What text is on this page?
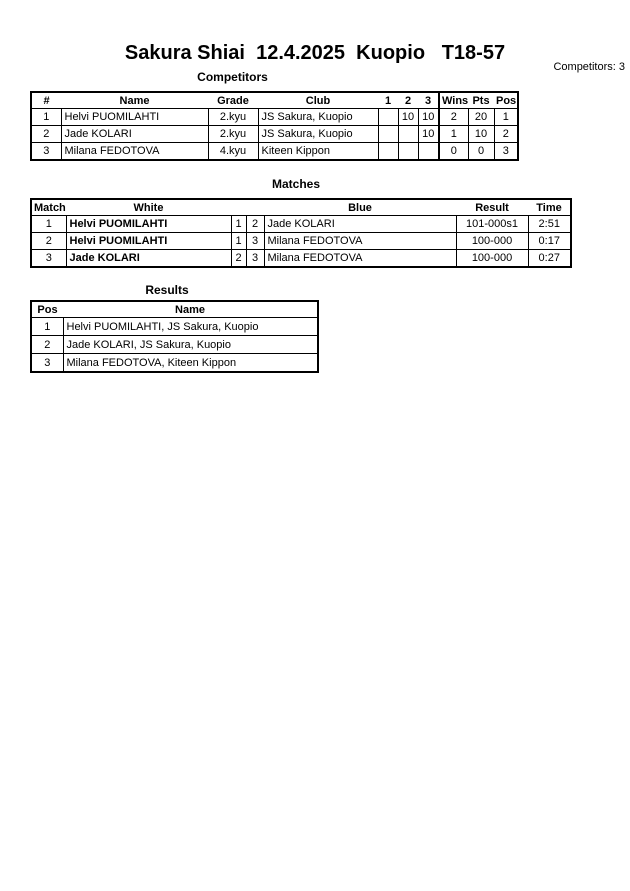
Sakura Shiai  12.4.2025  Kuopio   T18-57
Competitors: 3
Competitors
#	Name	Grade	Club	1	2	3	Wins	Pts	Pos
1	Helvi PUOMILAHTI	2.kyu	JS Sakura, Kuopio		10	10	2	20	1
2	Jade KOLARI	2.kyu	JS Sakura, Kuopio			10	1	10	2
3	Milana FEDOTOVA	4.kyu	Kiteen Kippon				0	0	3
Matches
Match	White			Blue	Result	Time
1	Helvi PUOMILAHTI	1	2	Jade KOLARI	101-000s1	2:51
2	Helvi PUOMILAHTI	1	3	Milana FEDOTOVA	100-000	0:17
3	Jade KOLARI	2	3	Milana FEDOTOVA	100-000	0:27
Results
Pos	Name
1	Helvi PUOMILAHTI, JS Sakura, Kuopio
2	Jade KOLARI, JS Sakura, Kuopio
3	Milana FEDOTOVA, Kiteen Kippon
